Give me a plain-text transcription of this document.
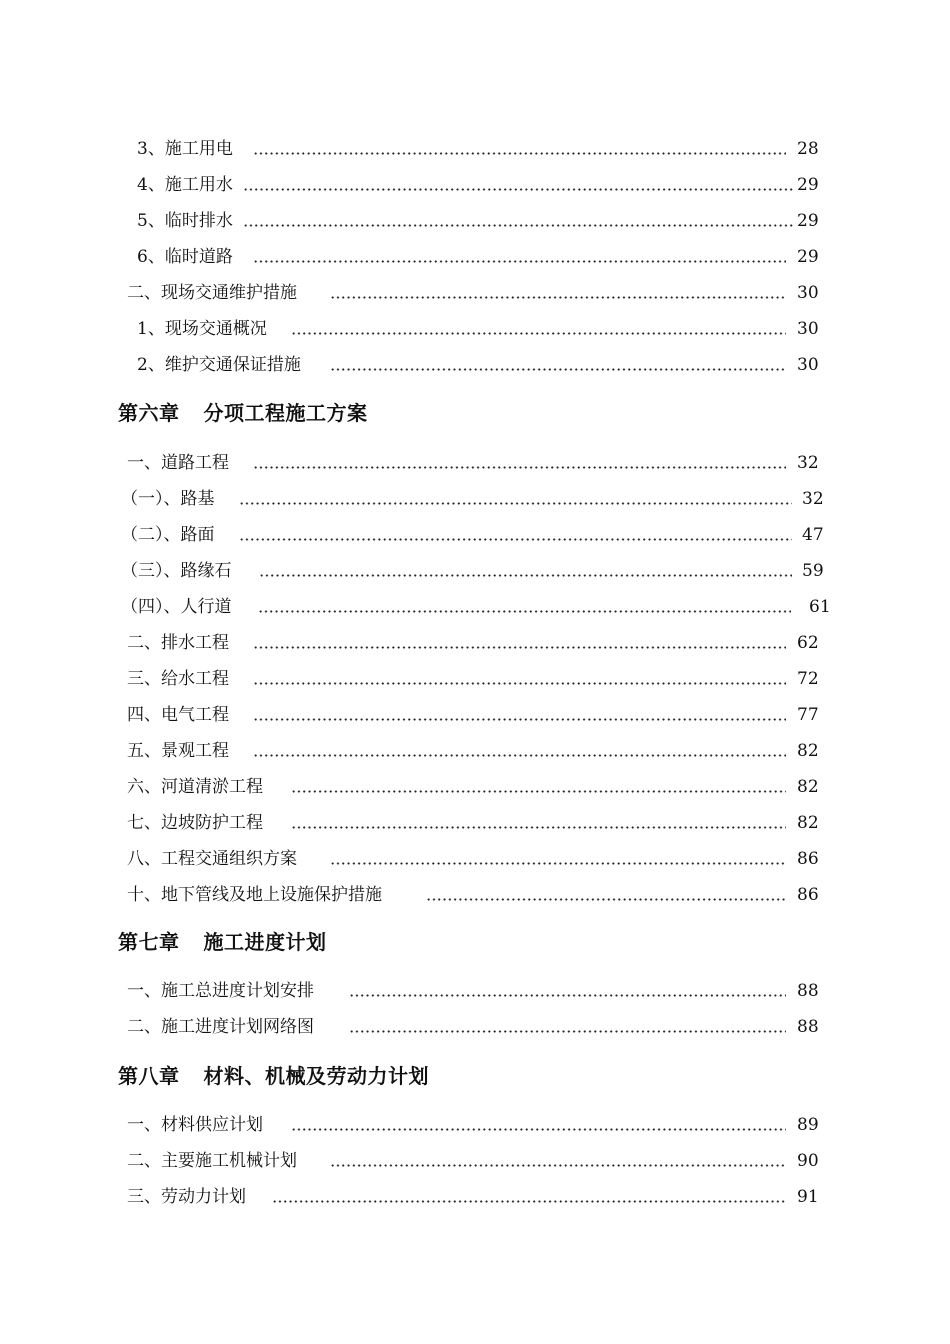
3、施工用电	28
4、施工用水	29
5、临时排水	29
6、临时道路	29
二、现场交通维护措施	30
1、现场交通概况	30
2、维护交通保证措施	30
第六章 分项工程施工方案
一、道路工程	32
（一）、路基	32
（二）、路面	47
（三）、路缘石	59
（四）、人行道	61
二、排水工程	62
三、给水工程	72
四、电气工程	77
五、景观工程	82
六、河道清淤工程	82
七、边坡防护工程	82
八、工程交通组织方案	86
十、地下管线及地上设施保护措施	86
第七章 施工进度计划
一、施工总进度计划安排	88
二、施工进度计划网络图	88
第八章 材料、机械及劳动力计划
一、材料供应计划	89
二、主要施工机械计划	90
三、劳动力计划	91
